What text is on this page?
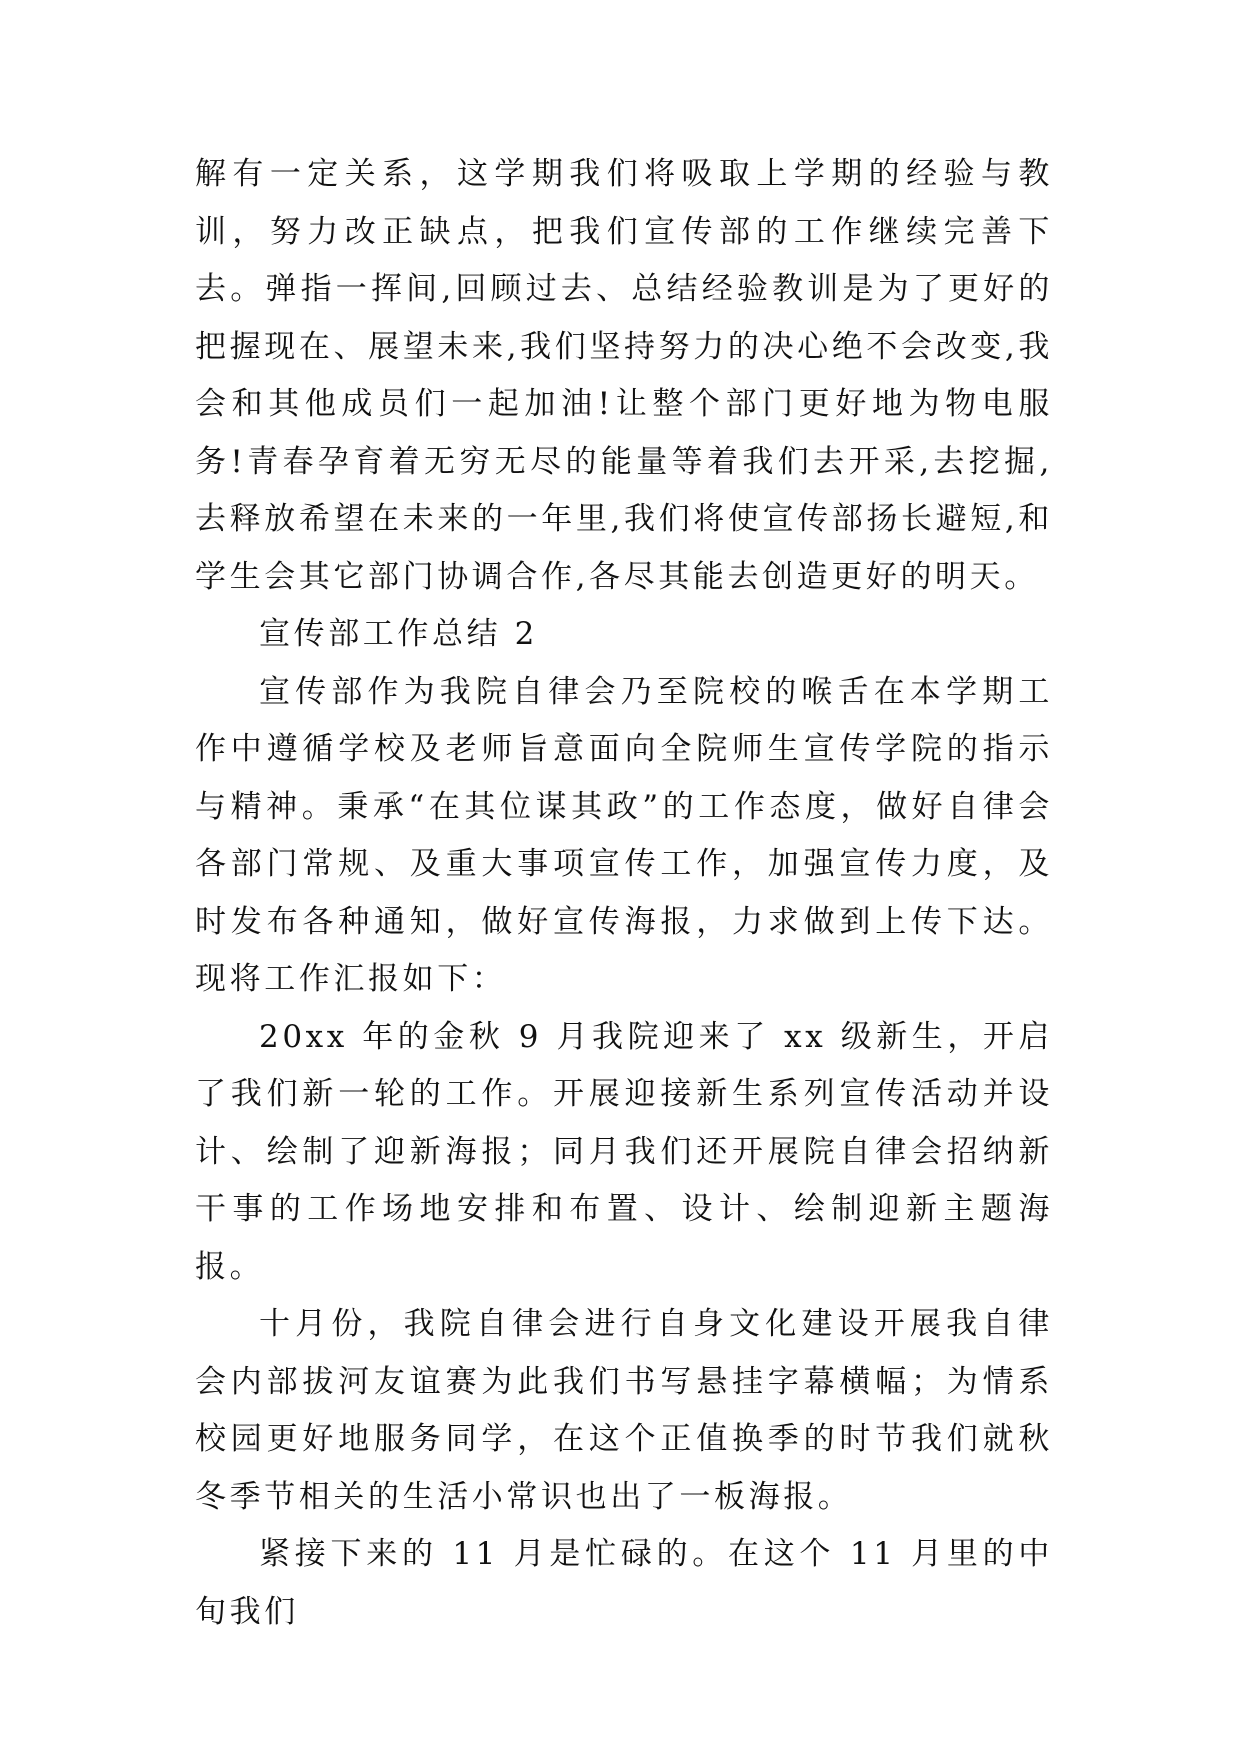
解有一定关系，这学期我们将吸取上学期的经验与教训，努力改正缺点，把我们宣传部的工作继续完善下去。弹指一挥间,回顾过去、总结经验教训是为了更好的把握现在、展望未来,我们坚持努力的决心绝不会改变,我会和其他成员们一起加油!让整个部门更好地为物电服务!青春孕育着无穷无尽的能量等着我们去开采,去挖掘,去释放希望在未来的一年里,我们将使宣传部扬长避短,和学生会其它部门协调合作,各尽其能去创造更好的明天。

宣传部工作总结 2

宣传部作为我院自律会乃至院校的喉舌在本学期工作中遵循学校及老师旨意面向全院师生宣传学院的指示与精神。秉承“在其位谋其政”的工作态度，做好自律会各部门常规、及重大事项宣传工作，加强宣传力度，及时发布各种通知，做好宣传海报，力求做到上传下达。现将工作汇报如下：

20xx 年的金秋 9 月我院迎来了 xx 级新生，开启了我们新一轮的工作。开展迎接新生系列宣传活动并设计、绘制了迎新海报；同月我们还开展院自律会招纳新干事的工作场地安排和布置、设计、绘制迎新主题海报。

十月份，我院自律会进行自身文化建设开展我自律会内部拔河友谊赛为此我们书写悬挂字幕横幅；为情系校园更好地服务同学，在这个正值换季的时节我们就秋冬季节相关的生活小常识也出了一板海报。

紧接下来的 11 月是忙碌的。在这个 11 月里的中旬我们
